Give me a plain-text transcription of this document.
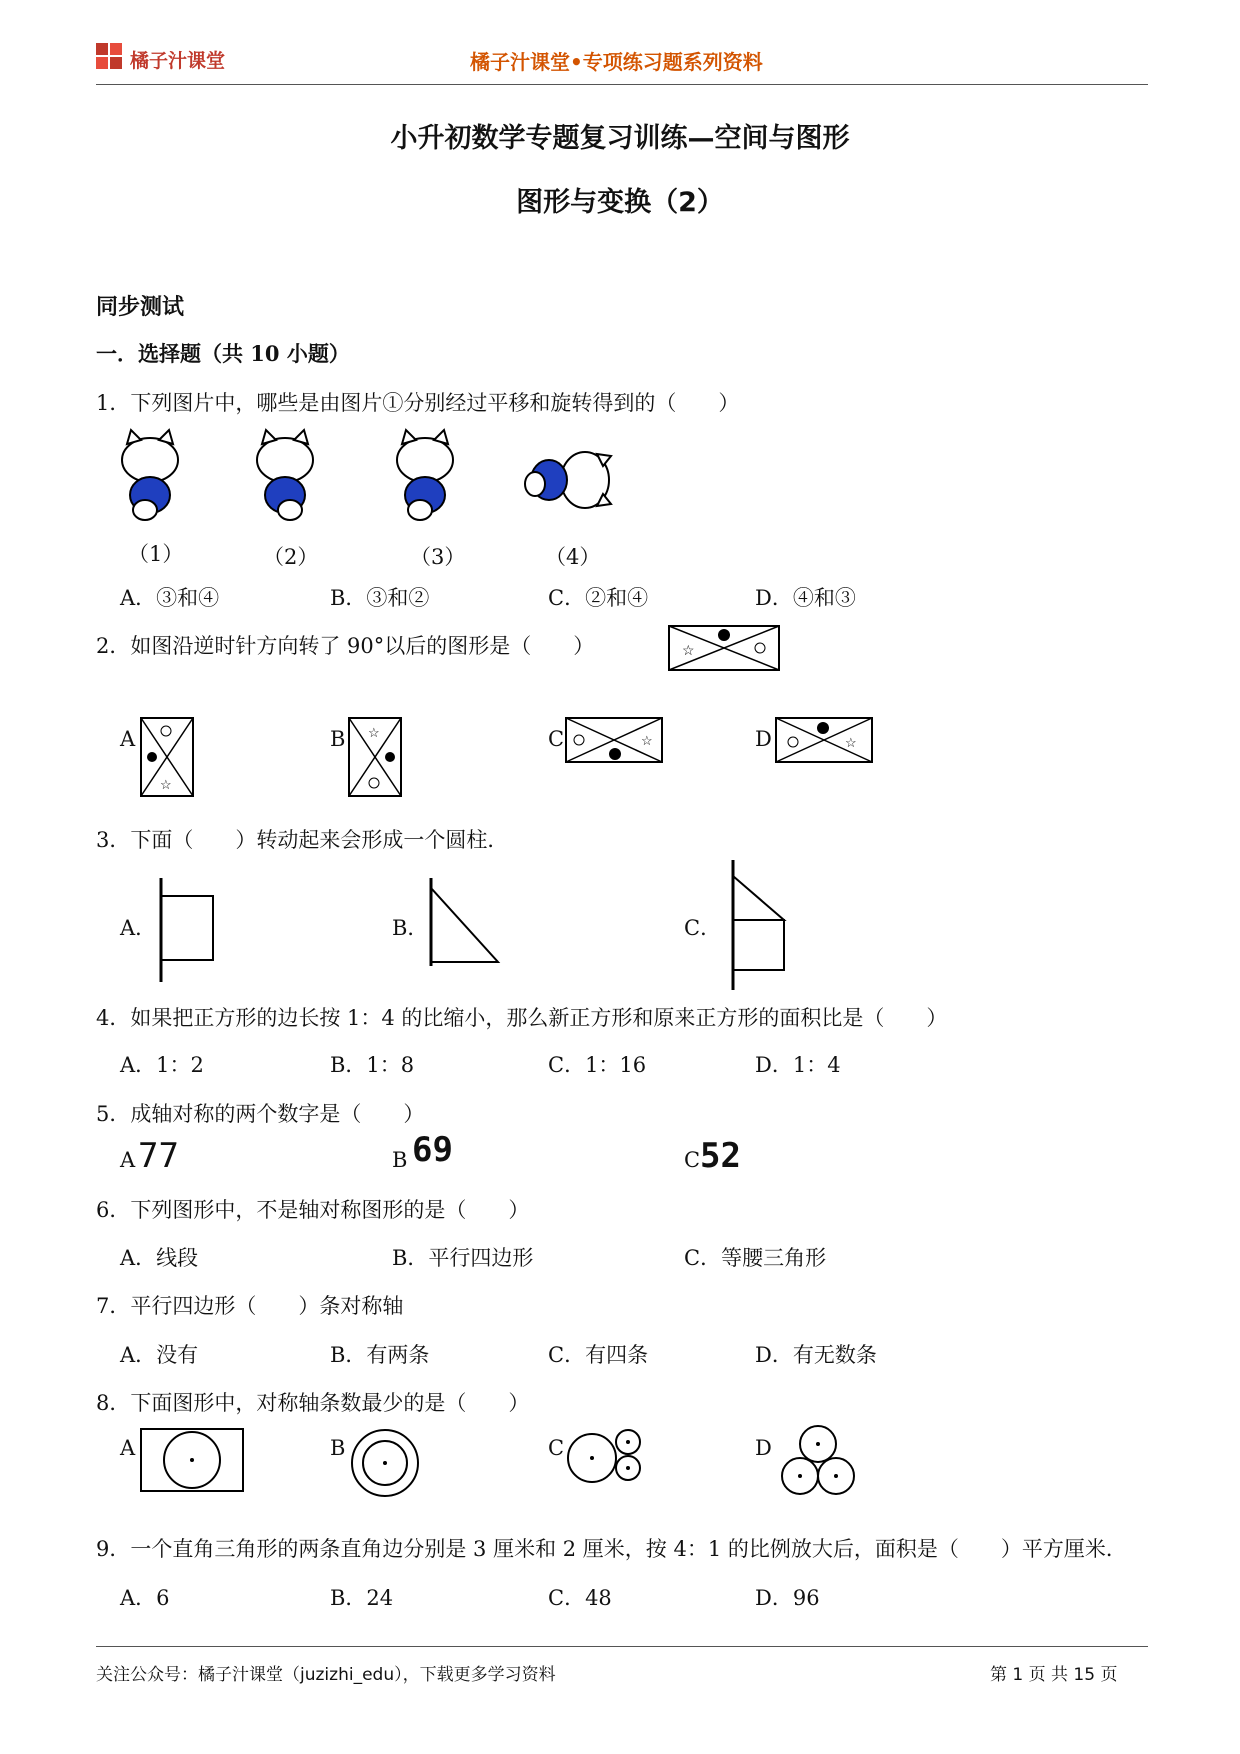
橘子汁课堂	橘子汁课堂•专项练习题系列资料
小升初数学专题复习训练—空间与图形
图形与变换（2）
同步测试
一．选择题（共 10 小题）
1．下列图片中，哪些是由图片①分别经过平移和旋转得到的（　　）
（1）	（2）	（3）	（4）
A．③和④	B．③和②	C．②和④	D．④和③
2．如图沿逆时针方向转了 90°以后的图形是（　　）	☆
A
☆
B ☆	C	☆	D	☆
3．下面（　　）转动起来会形成一个圆柱．
A．	B．	C．
4．如果把正方形的边长按 1：4 的比缩小，那么新正方形和原来正方形的面积比是（　　）
A．1：2	B．1：8	C．1：16	D．1：4
5．成轴对称的两个数字是（　　）
A 77	B 69	C 52
6．下列图形中，不是轴对称图形的是（　　）
A．线段	B．平行四边形	C．等腰三角形
7．平行四边形（　　）条对称轴
A．没有	B．有两条	C．有四条	D．有无数条
8．下面图形中，对称轴条数最少的是（　　）
A	B	C	D
9．一个直角三角形的两条直角边分别是 3 厘米和 2 厘米，按 4：1 的比例放大后，面积是（　　）平方厘米．
A．6	B．24	C．48	D．96
关注公众号：橘子汁课堂（juzizhi_edu），下载更多学习资料	第 1 页 共 15 页
